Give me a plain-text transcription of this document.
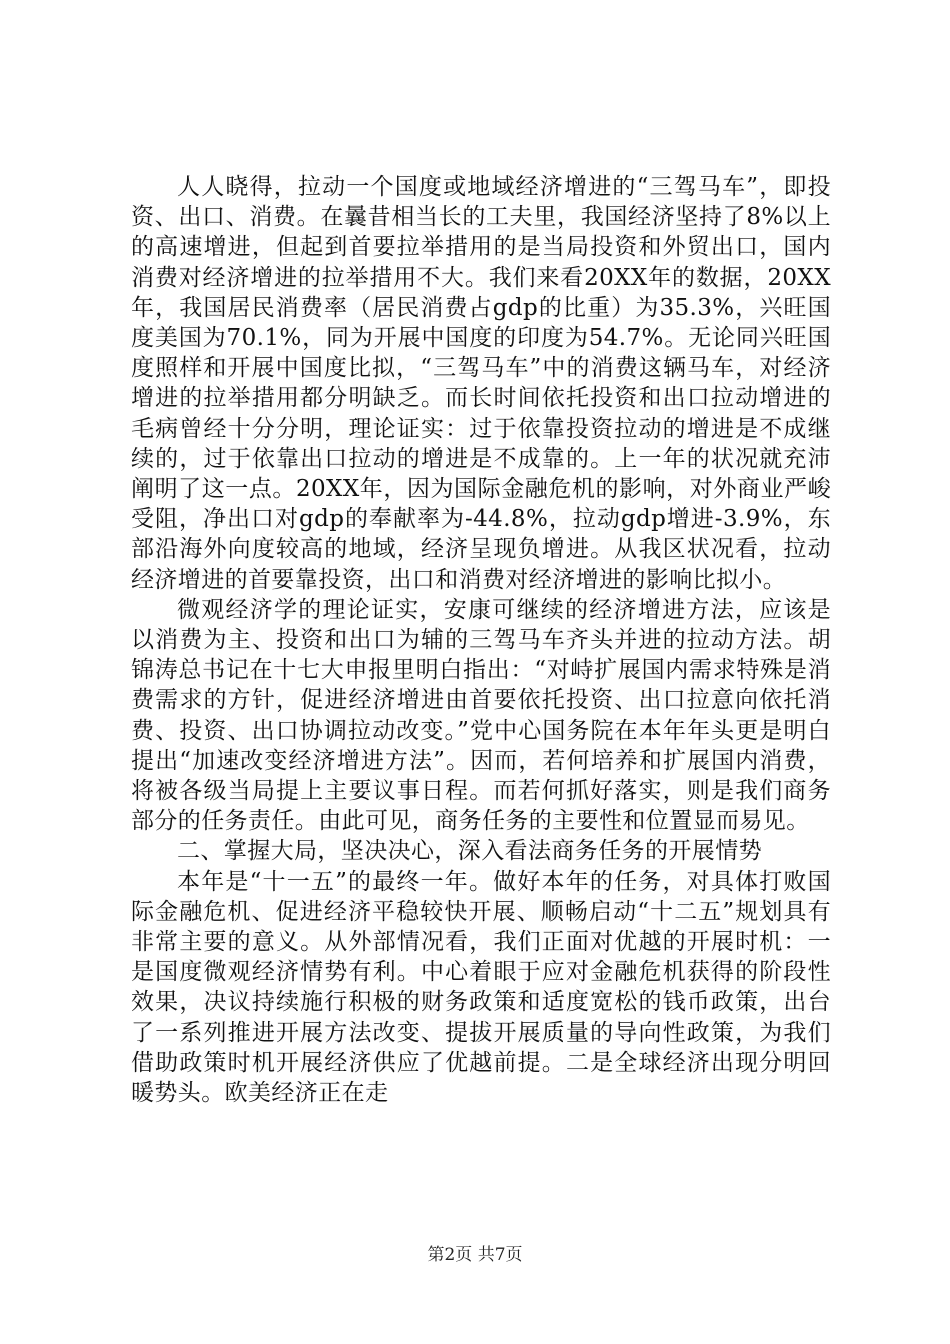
人人晓得，拉动一个国度或地域经济增进的“三驾马车”，即投资、出口、消费。在曩昔相当长的工夫里，我国经济坚持了8%以上的高速增进，但起到首要拉举措用的是当局投资和外贸出口，国内消费对经济增进的拉举措用不大。我们来看20XX年的数据，20XX年，我国居民消费率（居民消费占gdp的比重）为35.3%，兴旺国度美国为70.1%，同为开展中国度的印度为54.7%。无论同兴旺国度照样和开展中国度比拟，“三驾马车”中的消费这辆马车，对经济增进的拉举措用都分明缺乏。而长时间依托投资和出口拉动增进的毛病曾经十分分明，理论证实：过于依靠投资拉动的增进是不成继续的，过于依靠出口拉动的增进是不成靠的。上一年的状况就充沛阐明了这一点。20XX年，因为国际金融危机的影响，对外商业严峻受阻，净出口对gdp的奉献率为-44.8%，拉动gdp增进-3.9%，东部沿海外向度较高的地域，经济呈现负增进。从我区状况看，拉动经济增进的首要靠投资，出口和消费对经济增进的影响比拟小。

微观经济学的理论证实，安康可继续的经济增进方法，应该是以消费为主、投资和出口为辅的三驾马车齐头并进的拉动方法。胡锦涛总书记在十七大申报里明白指出：“对峙扩展国内需求特殊是消费需求的方针，促进经济增进由首要依托投资、出口拉意向依托消费、投资、出口协调拉动改变。”党中心国务院在本年年头更是明白提出“加速改变经济增进方法”。因而，若何培养和扩展国内消费，将被各级当局提上主要议事日程。而若何抓好落实，则是我们商务部分的任务责任。由此可见，商务任务的主要性和位置显而易见。

二、掌握大局，坚决决心，深入看法商务任务的开展情势

本年是“十一五”的最终一年。做好本年的任务，对具体打败国际金融危机、促进经济平稳较快开展、顺畅启动“十二五”规划具有非常主要的意义。从外部情况看，我们正面对优越的开展时机：一是国度微观经济情势有利。中心着眼于应对金融危机获得的阶段性效果，决议持续施行积极的财务政策和适度宽松的钱币政策，出台了一系列推进开展方法改变、提拔开展质量的导向性政策，为我们借助政策时机开展经济供应了优越前提。二是全球经济出现分明回暖势头。欧美经济正在走

第2页 共7页
